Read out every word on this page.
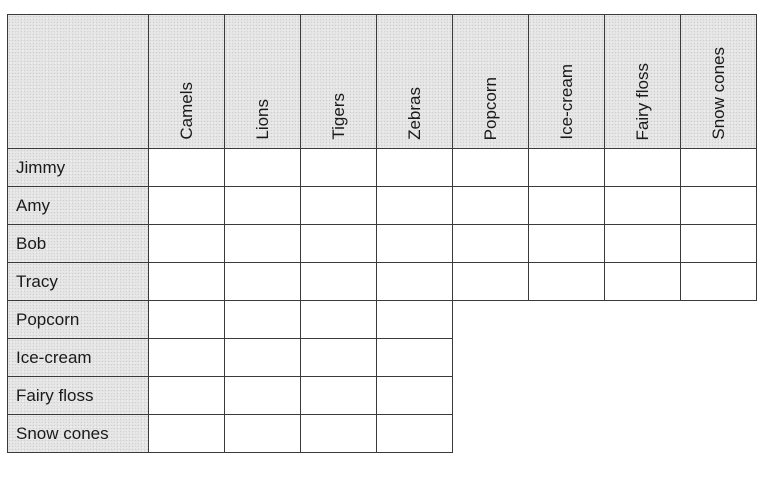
Camels	Lions	Tigers	Zebras	Popcorn	Ice-cream	Fairy floss	Snow cones
Jimmy
Amy
Bob
Tracy
Popcorn
Ice-cream
Fairy floss
Snow cones
